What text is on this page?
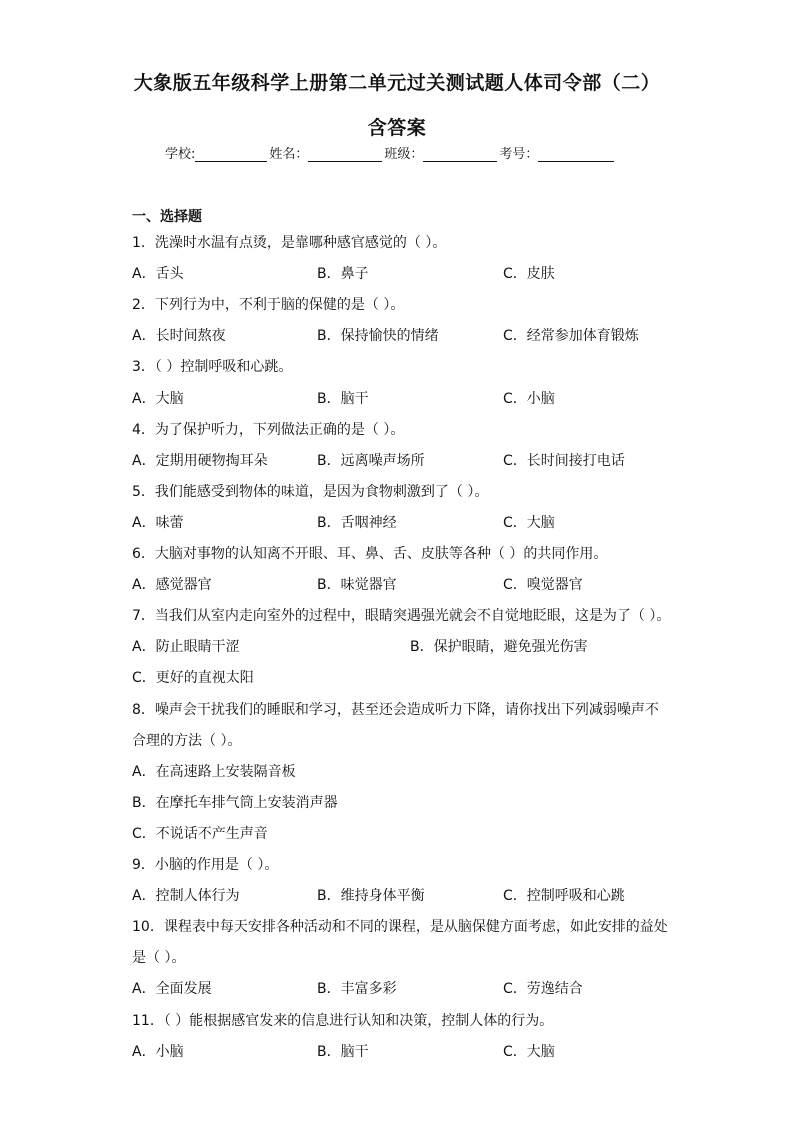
大象版五年级科学上册第二单元过关测试题人体司令部（二）
含答案
学校:	姓名：	班级：	考号：
一、选择题
1．洗澡时水温有点烫，是靠哪种感官感觉的（ ）。
A．舌头	B．鼻子	C．皮肤
2．下列行为中，不利于脑的保健的是（ ）。
A．长时间熬夜	B．保持愉快的情绪	C．经常参加体育锻炼
3．（ ）控制呼吸和心跳。
A．大脑	B．脑干	C．小脑
4．为了保护听力，下列做法正确的是（ ）。
A．定期用硬物掏耳朵	B．远离噪声场所	C．长时间接打电话
5．我们能感受到物体的味道，是因为食物刺激到了（ ）。
A．味蕾	B．舌咽神经	C．大脑
6．大脑对事物的认知离不开眼、耳、鼻、舌、皮肤等各种（ ）的共同作用。
A．感觉器官	B．味觉器官	C．嗅觉器官
7．当我们从室内走向室外的过程中，眼睛突遇强光就会不自觉地眨眼，这是为了（ ）。
A．防止眼睛干涩	B．保护眼睛，避免强光伤害
C．更好的直视太阳
8．噪声会干扰我们的睡眠和学习，甚至还会造成听力下降，请你找出下列减弱噪声不
合理的方法（ ）。
A．在高速路上安装隔音板
B．在摩托车排气筒上安装消声器
C．不说话不产生声音
9．小脑的作用是（ ）。
A．控制人体行为	B．维持身体平衡	C．控制呼吸和心跳
10．课程表中每天安排各种活动和不同的课程，是从脑保健方面考虑，如此安排的益处
是（ ）。
A．全面发展	B．丰富多彩	C．劳逸结合
11．（ ）能根据感官发来的信息进行认知和决策，控制人体的行为。
A．小脑	B．脑干	C．大脑
